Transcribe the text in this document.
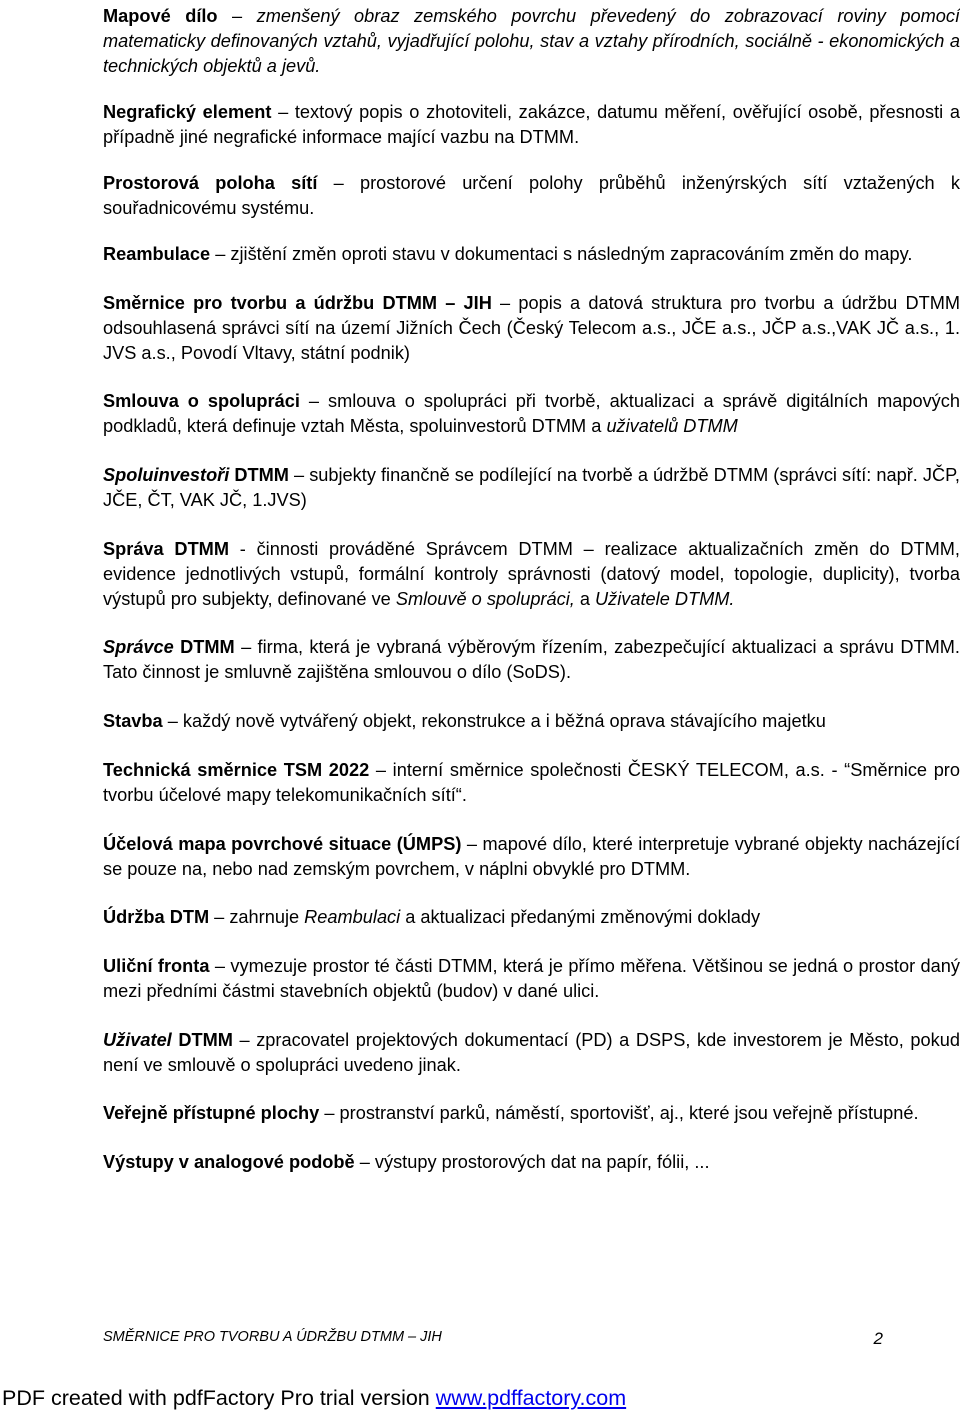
Mapové dílo – zmenšený obraz zemského povrchu převedený do zobrazovací roviny pomocí matematicky definovaných vztahů, vyjadřující polohu, stav a vztahy přírodních, sociálně - ekonomických a technických objektů a jevů.

Negrafický element – textový popis o zhotoviteli, zakázce, datumu měření, ověřující osobě, přesnosti a případně jiné negrafické informace mající vazbu na DTMM.

Prostorová poloha sítí – prostorové určení polohy průběhů inženýrských sítí vztažených k souřadnicovému systému.

Reambulace – zjištění změn oproti stavu v dokumentaci s následným zapracováním změn do mapy.

Směrnice pro tvorbu a údržbu DTMM – JIH – popis a datová struktura pro tvorbu a údržbu DTMM odsouhlasená správci sítí na území Jižních Čech (Český Telecom a.s., JČE a.s., JČP a.s.,VAK JČ a.s., 1. JVS a.s., Povodí Vltavy, státní podnik)

Smlouva o spolupráci – smlouva o spolupráci při tvorbě, aktualizaci a správě digitálních mapových podkladů, která definuje vztah Města, spoluinvestorů DTMM a uživatelů DTMM

Spoluinvestoři DTMM – subjekty finančně se podílející na tvorbě a údržbě DTMM (správci sítí: např. JČP, JČE, ČT, VAK JČ, 1.JVS)

Správa DTMM - činnosti prováděné Správcem DTMM – realizace aktualizačních změn do DTMM, evidence jednotlivých vstupů, formální kontroly správnosti (datový model, topologie, duplicity), tvorba výstupů pro subjekty, definované ve Smlouvě o spolupráci, a Uživatele DTMM.

Správce DTMM – firma, která je vybraná výběrovým řízením, zabezpečující aktualizaci a správu DTMM. Tato činnost je smluvně zajištěna smlouvou o dílo (SoDS).

Stavba – každý nově vytvářený objekt, rekonstrukce a i běžná oprava stávajícího majetku

Technická směrnice TSM 2022 – interní směrnice společnosti ČESKÝ TELECOM, a.s. - “Směrnice pro tvorbu účelové mapy telekomunikačních sítí“.

Účelová mapa povrchové situace (ÚMPS) – mapové dílo, které interpretuje vybrané objekty nacházející se pouze na, nebo nad zemským povrchem, v náplni obvyklé pro DTMM.

Údržba DTM – zahrnuje Reambulaci a aktualizaci předanými změnovými doklady

Uliční fronta – vymezuje prostor té části DTMM, která je přímo měřena. Většinou se jedná o prostor daný mezi předními částmi stavebních objektů (budov) v dané ulici.

Uživatel DTMM – zpracovatel projektových dokumentací (PD) a DSPS, kde investorem je Město, pokud není ve smlouvě o spolupráci uvedeno jinak.

Veřejně přístupné plochy – prostranství parků, náměstí, sportovišť, aj., které jsou veřejně přístupné.

Výstupy v analogové podobě – výstupy prostorových dat na papír, fólii, ...

SMĚRNICE PRO TVORBU A ÚDRŽBU DTMM – JIH	2
PDF created with pdfFactory Pro trial version www.pdffactory.com
